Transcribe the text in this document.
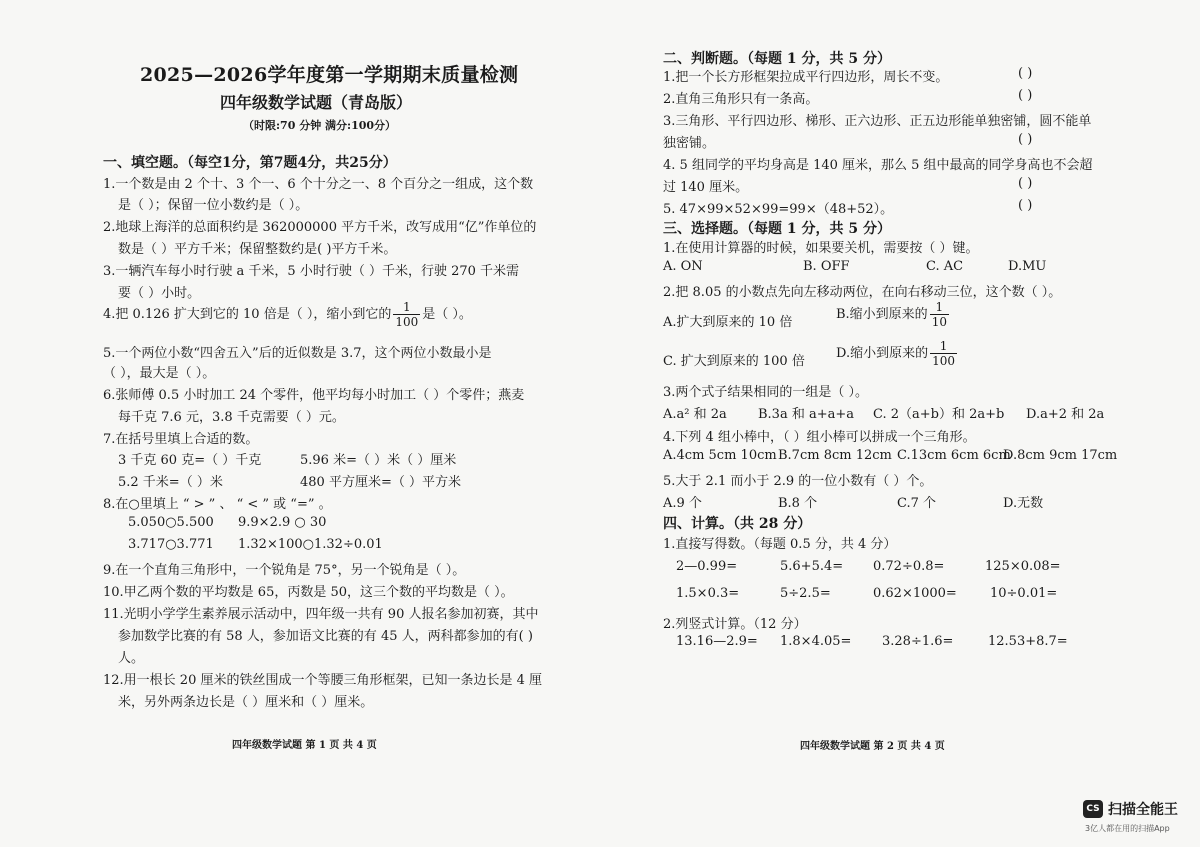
2025—2026学年度第一学期期末质量检测
四年级数学试题（青岛版）
（时限:70 分钟 满分:100分）
一、填空题。（每空1分，第7题4分，共25分）
1.一个数是由 2 个十、3 个一、6 个十分之一、8 个百分之一组成，这个数
是（ ）；保留一位小数约是（ ）。
2.地球上海洋的总面积约是 362000000 平方千米，改写成用“亿”作单位的
数是（ ）平方千米；保留整数约是( )平方千米。
3.一辆汽车每小时行驶 a 千米，5 小时行驶（ ）千米，行驶 270 千米需
要（ ）小时。
4.把 0.126 扩大到它的 10 倍是（ ），缩小到它的 $\frac{1}{100}$ 是（ ）。
5.一个两位小数“四舍五入”后的近似数是 3.7，这个两位小数最小是
（ ），最大是（ ）。
6.张师傅 0.5 小时加工 24 个零件，他平均每小时加工（ ）个零件；燕麦
每千克 7.6 元，3.8 千克需要（ ）元。
7.在括号里填上合适的数。
3 千克 60 克=（ ）千克	5.96 米=（ ）米（ ）厘米
5.2 千米=（ ）米	480 平方厘米=（ ）平方米
8.在○里填上 “ > ” 、 “ < ” 或 “=” 。
5.050○5.500 9.9×2.9 ○ 30
3.717○3.771 1.32×100○1.32÷0.01
9.在一个直角三角形中，一个锐角是 75°，另一个锐角是（ ）。
10.甲乙两个数的平均数是 65，丙数是 50，这三个数的平均数是（ ）。
11.光明小学学生素养展示活动中，四年级一共有 90 人报名参加初赛，其中
参加数学比赛的有 58 人，参加语文比赛的有 45 人，两科都参加的有( )
人。
12.用一根长 20 厘米的铁丝围成一个等腰三角形框架，已知一条边长是 4 厘
米，另外两条边长是（ ）厘米和（ ）厘米。
四年级数学试题 第 1 页 共 4 页
二、判断题。（每题 1 分，共 5 分）
1.把一个长方形框架拉成平行四边形，周长不变。	( )
2.直角三角形只有一条高。	( )
3.三角形、平行四边形、梯形、正六边形、正五边形能单独密铺，圆不能单
独密铺。	( )
4. 5 组同学的平均身高是 140 厘米，那么 5 组中最高的同学身高也不会超
过 140 厘米。	( )
5. 47×99×52×99=99×（48+52）。	( )
三、选择题。（每题 1 分，共 5 分）
1.在使用计算器的时候，如果要关机，需要按（ ）键。
A. ON	B. OFF	C. AC	D.MU
2.把 8.05 的小数点先向左移动两位，在向右移动三位，这个数（ ）。
A.扩大到原来的 10 倍
B.缩小到原来的 $\frac{1}{10}$
C. 扩大到原来的 100 倍
D.缩小到原来的 $\frac{1}{100}$
3.两个式子结果相同的一组是（ ）。
A.a² 和 2a B.3a 和 a+a+a C. 2（a+b）和 2a+b D.a+2 和 2a
4.下列 4 组小棒中，（ ）组小棒可以拼成一个三角形。
A.4cm 5cm 10cm B.7cm 8cm 12cm C.13cm 6cm 6cm
D.8cm 9cm 17cm
5.大于 2.1 而小于 2.9 的一位小数有（ ）个。
A.9 个	B.8 个	C.7 个	D.无数
四、计算。（共 28 分）
1.直接写得数。（每题 0.5 分，共 4 分）
2—0.99=	5.6+5.4= 0.72÷0.8=	125×0.08=
1.5×0.3=	5÷2.5=	0.62×1000=	10÷0.01=
2.列竖式计算。（12 分）
13.16—2.9= 1.8×4.05= 3.28÷1.6=	12.53+8.7=
四年级数学试题 第 2 页 共 4 页
CS 扫描全能王
3亿人都在用的扫描App
